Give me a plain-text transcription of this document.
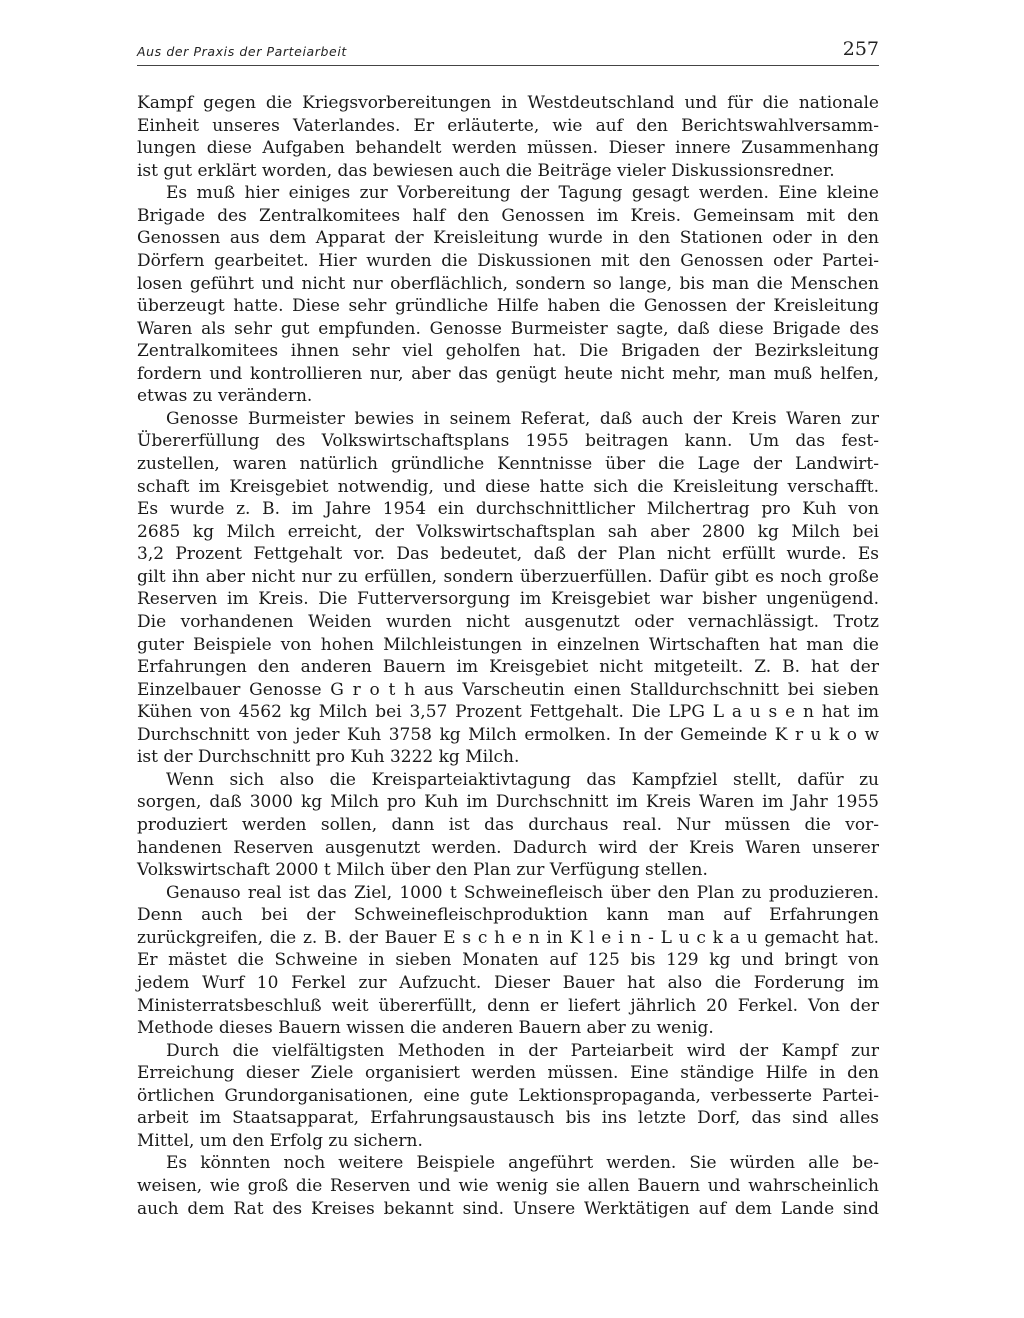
Aus der Praxis der Parteiarbeit	257
Kampf gegen die Kriegsvorbereitungen in Westdeutschland und für die nationale
Einheit unseres Vaterlandes. Er erläuterte, wie auf den Berichtswahlversamm-
lungen diese Aufgaben behandelt werden müssen. Dieser innere Zusammenhang
ist gut erklärt worden, das bewiesen auch die Beiträge vieler Diskussionsredner.
Es muß hier einiges zur Vorbereitung der Tagung gesagt werden. Eine kleine
Brigade des Zentralkomitees half den Genossen im Kreis. Gemeinsam mit den
Genossen aus dem Apparat der Kreisleitung wurde in den Stationen oder in den
Dörfern gearbeitet. Hier wurden die Diskussionen mit den Genossen oder Partei-
losen geführt und nicht nur oberflächlich, sondern so lange, bis man die Menschen
überzeugt hatte. Diese sehr gründliche Hilfe haben die Genossen der Kreisleitung
Waren als sehr gut empfunden. Genosse Burmeister sagte, daß diese Brigade des
Zentralkomitees ihnen sehr viel geholfen hat. Die Brigaden der Bezirksleitung
fordern und kontrollieren nur, aber das genügt heute nicht mehr, man muß helfen,
etwas zu verändern.
Genosse Burmeister bewies in seinem Referat, daß auch der Kreis Waren zur
Übererfüllung des Volkswirtschaftsplans 1955 beitragen kann. Um das fest-
zustellen, waren natürlich gründliche Kenntnisse über die Lage der Landwirt-
schaft im Kreisgebiet notwendig, und diese hatte sich die Kreisleitung verschafft.
Es wurde z. B. im Jahre 1954 ein durchschnittlicher Milchertrag pro Kuh von
2685 kg Milch erreicht, der Volkswirtschaftsplan sah aber 2800 kg Milch bei
3,2 Prozent Fettgehalt vor. Das bedeutet, daß der Plan nicht erfüllt wurde. Es
gilt ihn aber nicht nur zu erfüllen, sondern überzuerfüllen. Dafür gibt es noch große
Reserven im Kreis. Die Futterversorgung im Kreisgebiet war bisher ungenügend.
Die vorhandenen Weiden wurden nicht ausgenutzt oder vernachlässigt. Trotz
guter Beispiele von hohen Milchleistungen in einzelnen Wirtschaften hat man die
Erfahrungen den anderen Bauern im Kreisgebiet nicht mitgeteilt. Z. B. hat der
Einzelbauer Genosse G r o t h aus Varscheutin einen Stalldurchschnitt bei sieben
Kühen von 4562 kg Milch bei 3,57 Prozent Fettgehalt. Die LPG L a u s e n hat im
Durchschnitt von jeder Kuh 3758 kg Milch ermolken. In der Gemeinde K r u k o w
ist der Durchschnitt pro Kuh 3222 kg Milch.
Wenn sich also die Kreisparteiaktivtagung das Kampfziel stellt, dafür zu
sorgen, daß 3000 kg Milch pro Kuh im Durchschnitt im Kreis Waren im Jahr 1955
produziert werden sollen, dann ist das durchaus real. Nur müssen die vor-
handenen Reserven ausgenutzt werden. Dadurch wird der Kreis Waren unserer
Volkswirtschaft 2000 t Milch über den Plan zur Verfügung stellen.
Genauso real ist das Ziel, 1000 t Schweinefleisch über den Plan zu produzieren.
Denn auch bei der Schweinefleischproduktion kann man auf Erfahrungen
zurückgreifen, die z. B. der Bauer E s c h e n in K l e i n - L u c k a u gemacht hat.
Er mästet die Schweine in sieben Monaten auf 125 bis 129 kg und bringt von
jedem Wurf 10 Ferkel zur Aufzucht. Dieser Bauer hat also die Forderung im
Ministerratsbeschluß weit übererfüllt, denn er liefert jährlich 20 Ferkel. Von der
Methode dieses Bauern wissen die anderen Bauern aber zu wenig.
Durch die vielfältigsten Methoden in der Parteiarbeit wird der Kampf zur
Erreichung dieser Ziele organisiert werden müssen. Eine ständige Hilfe in den
örtlichen Grundorganisationen, eine gute Lektionspropaganda, verbesserte Partei-
arbeit im Staatsapparat, Erfahrungsaustausch bis ins letzte Dorf, das sind alles
Mittel, um den Erfolg zu sichern.
Es könnten noch weitere Beispiele angeführt werden. Sie würden alle be-
weisen, wie groß die Reserven und wie wenig sie allen Bauern und wahrscheinlich
auch dem Rat des Kreises bekannt sind. Unsere Werktätigen auf dem Lande sind
